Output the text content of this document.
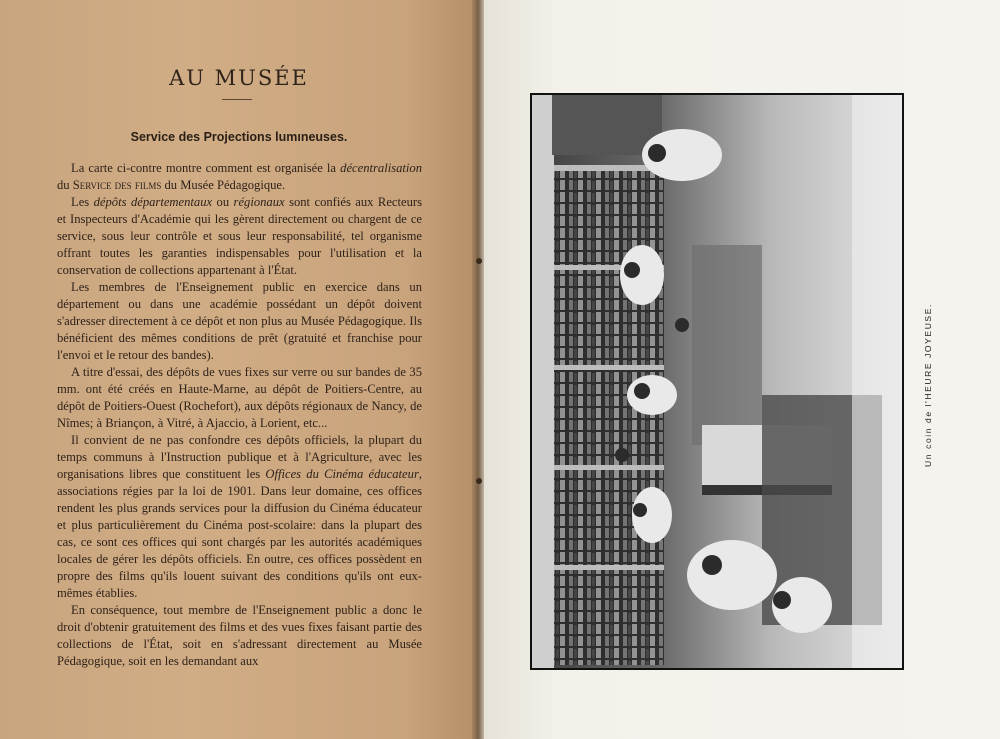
AU MUSÉE
Service des Projections lumıneuses.

La carte ci-contre montre comment est organisée la décentralisation du Service des films du Musée Pédagogique.

Les dépôts départementaux ou régionaux sont confiés aux Recteurs et Inspecteurs d'Académie qui les gèrent directement ou chargent de ce service, sous leur contrôle et sous leur responsabilité, tel organisme offrant toutes les garanties indispensables pour l'utilisation et la conservation de collections appartenant à l'État.

Les membres de l'Enseignement public en exercice dans un département ou dans une académie possédant un dépôt doivent s'adresser directement à ce dépôt et non plus au Musée Pédagogique. Ils bénéficient des mêmes conditions de prêt (gratuité et franchise pour l'envoi et le retour des bandes).

A titre d'essai, des dépôts de vues fixes sur verre ou sur bandes de 35 mm. ont été créés en Haute-Marne, au dépôt de Poitiers-Centre, au dépôt de Poitiers-Ouest (Rochefort), aux dépôts régionaux de Nancy, de Nîmes; à Briançon, à Vitré, à Ajaccio, à Lorient, etc...

Il convient de ne pas confondre ces dépôts officiels, la plupart du temps communs à l'Instruction publique et à l'Agriculture, avec les organisations libres que constituent les Offices du Cinéma éducateur, associations régies par la loi de 1901. Dans leur domaine, ces offices rendent les plus grands services pour la diffusion du Cinéma éducateur et plus particulièrement du Cinéma post-scolaire: dans la plupart des cas, ce sont ces offices qui sont chargés par les autorités académiques locales de gérer les dépôts officiels. En outre, ces offices possèdent en propre des films qu'ils louent suivant des conditions qu'ils ont eux-mêmes établies.

En conséquence, tout membre de l'Enseignement public a donc le droit d'obtenir gratuitement des films et des vues fixes faisant partie des collections de l'État, soit en s'adressant directement au Musée Pédagogique, soit en les demandant aux

Un coin de l'HEURE JOYEUSE.
